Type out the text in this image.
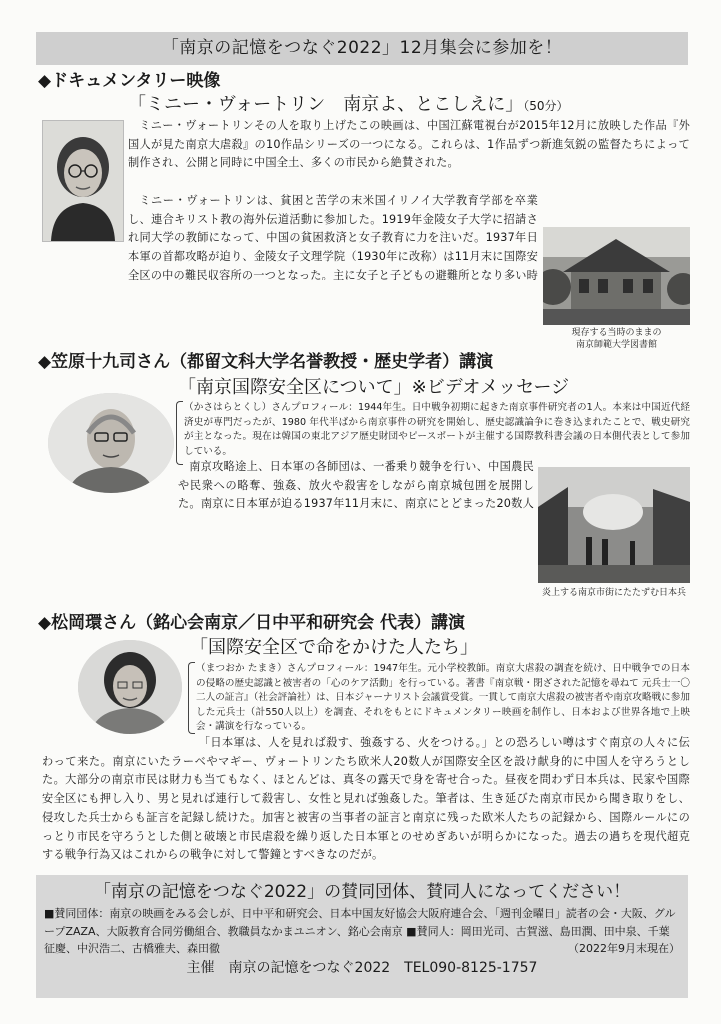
「南京の記憶をつなぐ2022」12月集会に参加を！
◆ドキュメンタリー映像
「ミニー・ヴォートリン　南京よ、とこしえに」（50分）

ミニー・ヴォートリンその人を取り上げたこの映画は、中国江蘇電視台が2015年12月に放映した作品『外国人が見た南京大虐殺』の10作品シリーズの一つになる。これらは、1作品ずつ新進気鋭の監督たちによって制作され、公開と同時に中国全土、多くの市民から絶賛された。

ミニー・ヴォートリンは、貧困と苦学の末米国イリノイ大学教育学部を卒業し、連合キリスト教の海外伝道活動に参加した。1919年金陵女子大学に招請され同大学の教師になって、中国の貧困救済と女子教育に力を注いだ。1937年日本軍の首都攻略が迫り、金陵女子文理学院（1930年に改称）は11月末に国際安全区の中の難民収容所の一つとなった。主に女子と子どもの避難所となり多い時

現存する当時のままの
南京師範大学図書館

◆笠原十九司さん（都留文科大学名誉教授・歴史学者）講演
「南京国際安全区について」※ビデオメッセージ
（かさはらとくし）さんプロフィール：1944年生。日中戦争初期に起きた南京事件研究者の1人。本来は中国近代経済史が専門だったが、1980 年代半ばから南京事件の研究を開始し、歴史認識論争に巻き込まれたことで、戦史研究が主となった。現在は韓国の東北アジア歴史財団やピースボートが主催する国際教科書会議の日本側代表として参加している。

南京攻略途上、日本軍の各師団は、一番乗り競争を行い、中国農民や民衆への略奪、強姦、放火や殺害をしながら南京城包囲を展開した。南京に日本軍が迫る1937年11月末に、南京にとどまった20数人

炎上する南京市街にたたずむ日本兵
◆松岡環さん（銘心会南京／日中平和研究会 代表）講演
「国際安全区で命をかけた人たち」
（まつおか たまき）さんプロフィール：1947年生。元小学校教師。南京大虐殺の調査を続け、日中戦争での日本の侵略の歴史認識と被害者の「心のケア活動」を行っている。著書『南京戦・閉ざされた記憶を尋ねて 元兵士一〇二人の証言』（社会評論社）は、日本ジャーナリスト会議賞受賞。一貫して南京大虐殺の被害者や南京攻略戦に参加した元兵士（計550人以上）を調査、それをもとにドキュメンタリー映画を制作し、日本および世界各地で上映会・講演を行なっている。

「日本軍は、人を見れば殺す、強姦する、火をつける。」との恐ろしい噂はすぐ南京の人々に伝わって来た。南京にいたラーベやマギー、ヴォートリンたち欧米人20数人が国際安全区を設け献身的に中国人を守ろうとした。大部分の南京市民は財力も当てもなく、ほとんどは、真冬の露天で身を寄せ合った。昼夜を問わず日本兵は、民家や国際安全区にも押し入り、男と見れば連行して殺害し、女性と見れば強姦した。筆者は、生き延びた南京市民から聞き取りをし、侵攻した兵士からも証言を記録し続けた。加害と被害の当事者の証言と南京に残った欧米人たちの記録から、国際ルールにのっとり市民を守ろうとした側と破壊と市民虐殺を繰り返した日本軍とのせめぎあいが明らかになった。過去の過ちを現代超克する戦争行為又はこれからの戦争に対して警鐘とすべきなのだが。

「南京の記憶をつなぐ2022」の賛同団体、賛同人になってください！
■賛同団体：南京の映画をみる会しが、日中平和研究会、日本中国友好協会大阪府連合会、「週刊金曜日」読者の会・大阪、グループZAZA、大阪教育合同労働組合、教職員なかまユニオン、銘心会南京 ■賛同人：岡田光司、古賀滋、島田潤、田中泉、千葉征慶、中沢浩二、古橋雅夫、森田徹	（2022年9月末現在）
主催　南京の記憶をつなぐ2022　TEL090-8125-1757
